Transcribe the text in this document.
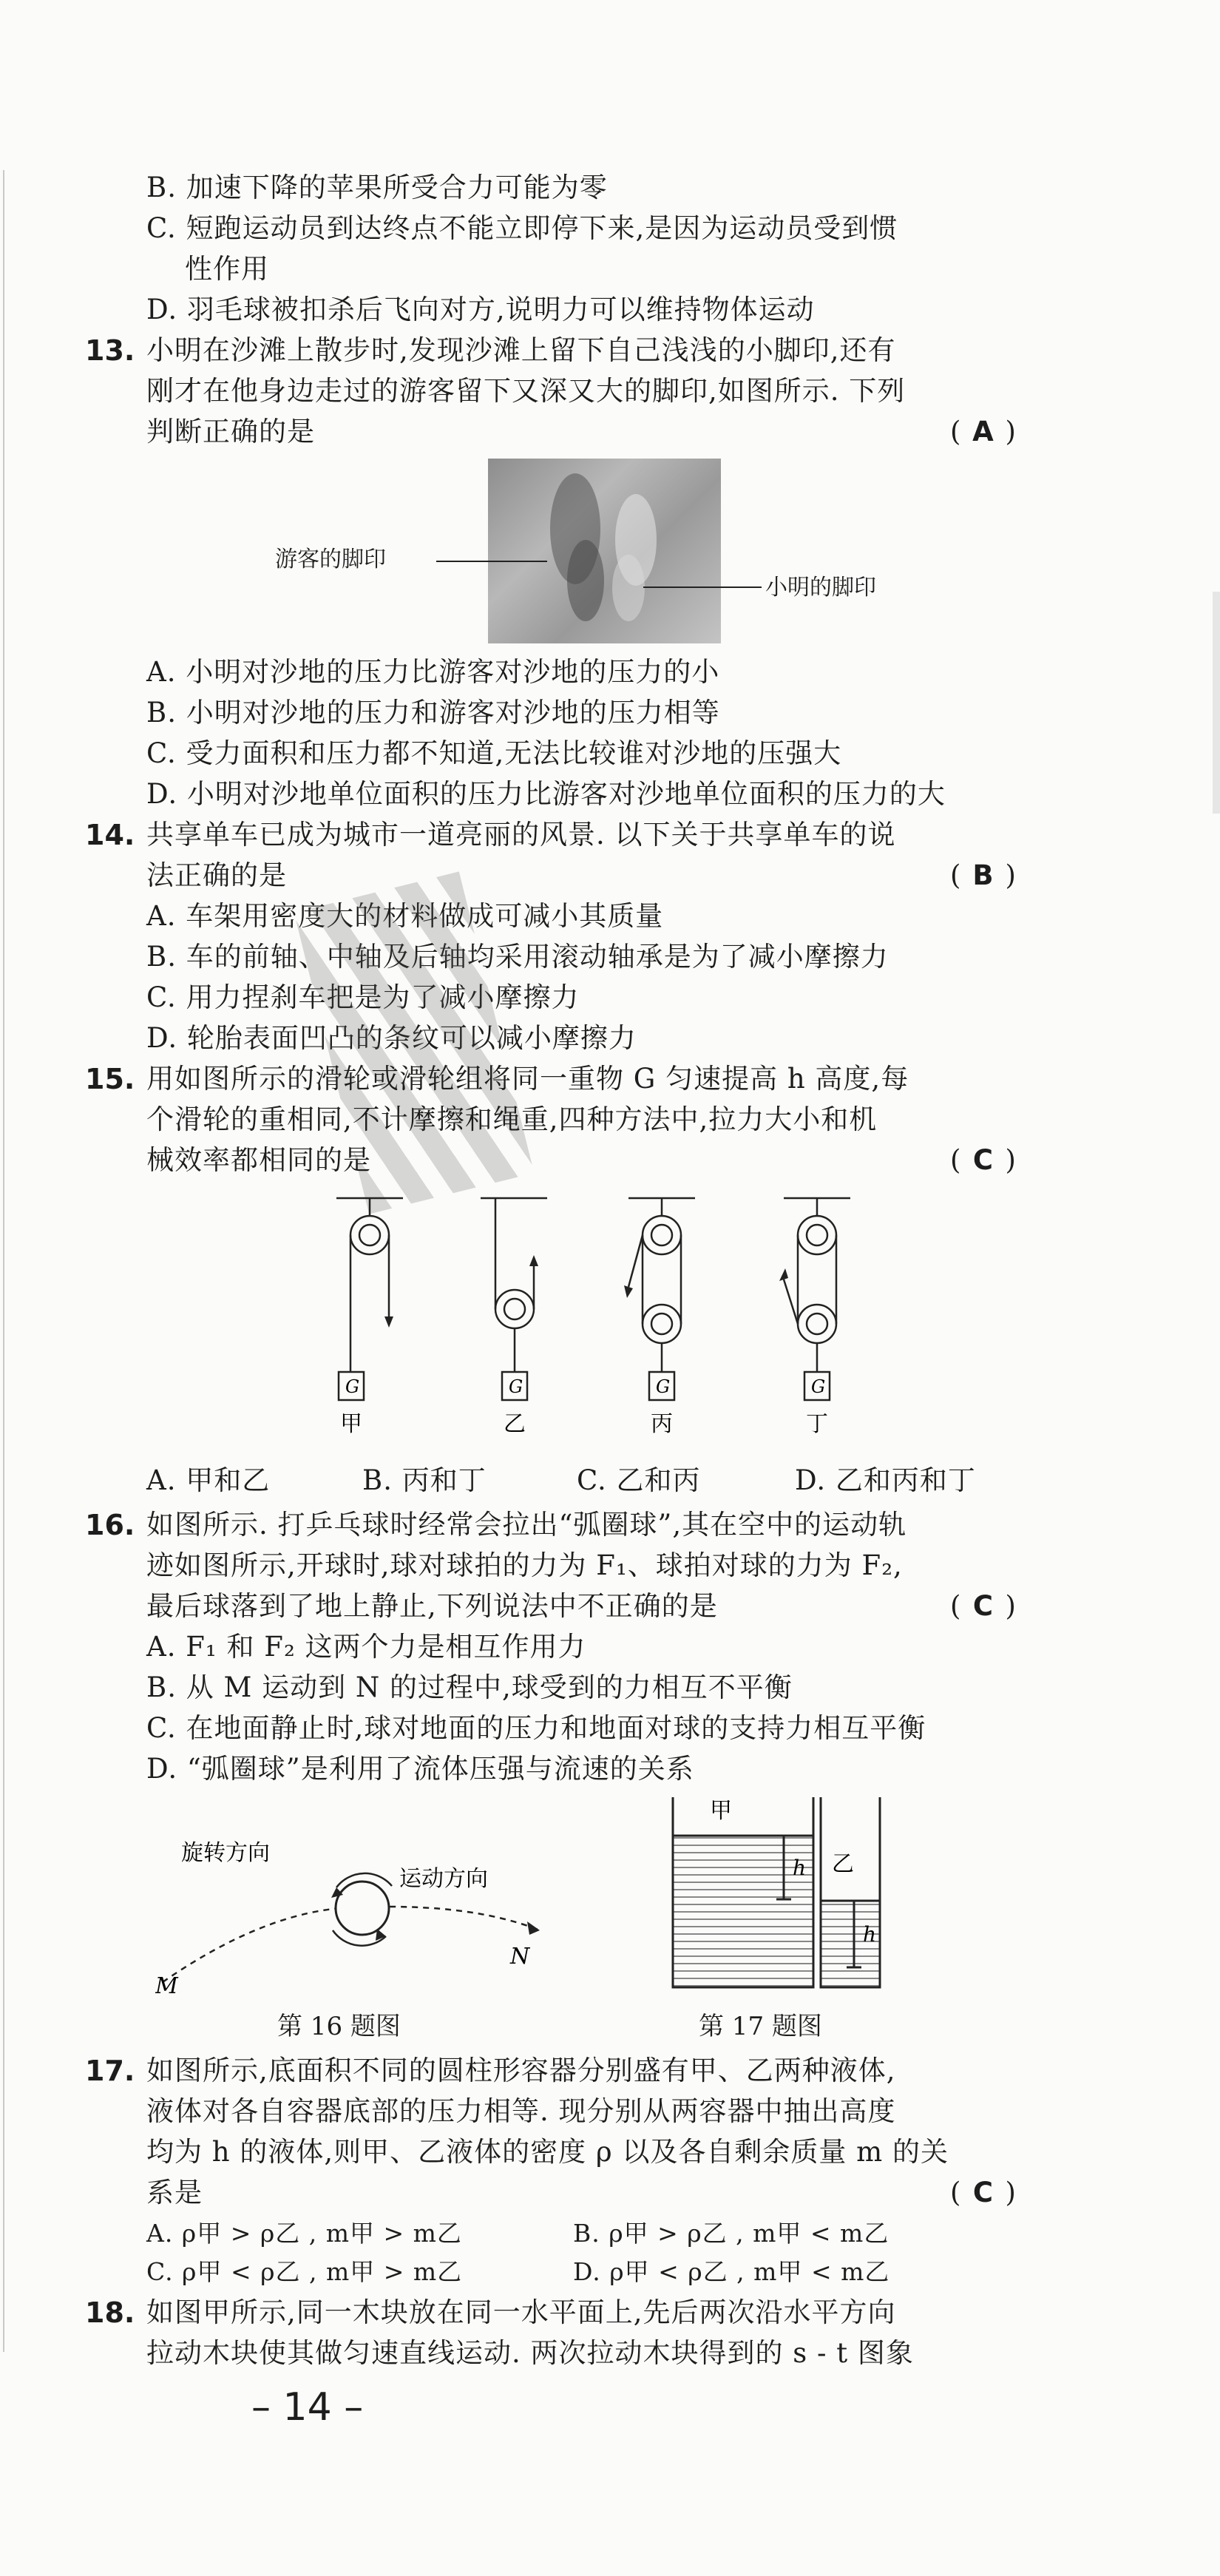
B. 加速下降的苹果所受合力可能为零
C. 短跑运动员到达终点不能立即停下来,是因为运动员受到惯
性作用
D. 羽毛球被扣杀后飞向对方,说明力可以维持物体运动
13. 小明在沙滩上散步时,发现沙滩上留下自己浅浅的小脚印,还有
刚才在他身边走过的游客留下又深又大的脚印,如图所示. 下列
判断正确的是	( A )
游客的脚印
小明的脚印
A. 小明对沙地的压力比游客对沙地的压力的小
B. 小明对沙地的压力和游客对沙地的压力相等
C. 受力面积和压力都不知道,无法比较谁对沙地的压强大
D. 小明对沙地单位面积的压力比游客对沙地单位面积的压力的大
14. 共享单车已成为城市一道亮丽的风景. 以下关于共享单车的说
法正确的是	( B )
A. 车架用密度大的材料做成可减小其质量
B. 车的前轴、中轴及后轴均采用滚动轴承是为了减小摩擦力
C. 用力捏刹车把是为了减小摩擦力
D. 轮胎表面凹凸的条纹可以减小摩擦力
15. 用如图所示的滑轮或滑轮组将同一重物 G 匀速提高 h 高度,每
个滑轮的重相同,不计摩擦和绳重,四种方法中,拉力大小和机
械效率都相同的是	( C )
G	G	G	G
甲	乙	丙	丁
A. 甲和乙	B. 丙和丁	C. 乙和丙	D. 乙和丙和丁
16. 如图所示. 打乒乓球时经常会拉出“弧圈球”,其在空中的运动轨
迹如图所示,开球时,球对球拍的力为 F₁、球拍对球的力为 F₂,
最后球落到了地上静止,下列说法中不正确的是	( C )
A. F₁ 和 F₂ 这两个力是相互作用力
B. 从 M 运动到 N 的过程中,球受到的力相互不平衡
C. 在地面静止时,球对地面的压力和地面对球的支持力相互平衡
D. “弧圈球”是利用了流体压强与流速的关系
旋转方向
运动方向
M
N
第 16 题图
甲
乙
h
h
第 17 题图
17. 如图所示,底面积不同的圆柱形容器分别盛有甲、乙两种液体,
液体对各自容器底部的压力相等. 现分别从两容器中抽出高度
均为 h 的液体,则甲、乙液体的密度 ρ 以及各自剩余质量 m 的关
系是	( C )
A. ρ甲 > ρ乙 , m甲 > m乙	B. ρ甲 > ρ乙 , m甲 < m乙
C. ρ甲 < ρ乙 , m甲 > m乙	D. ρ甲 < ρ乙 , m甲 < m乙
18. 如图甲所示,同一木块放在同一水平面上,先后两次沿水平方向
拉动木块使其做匀速直线运动. 两次拉动木块得到的 s - t 图象
– 14 –
